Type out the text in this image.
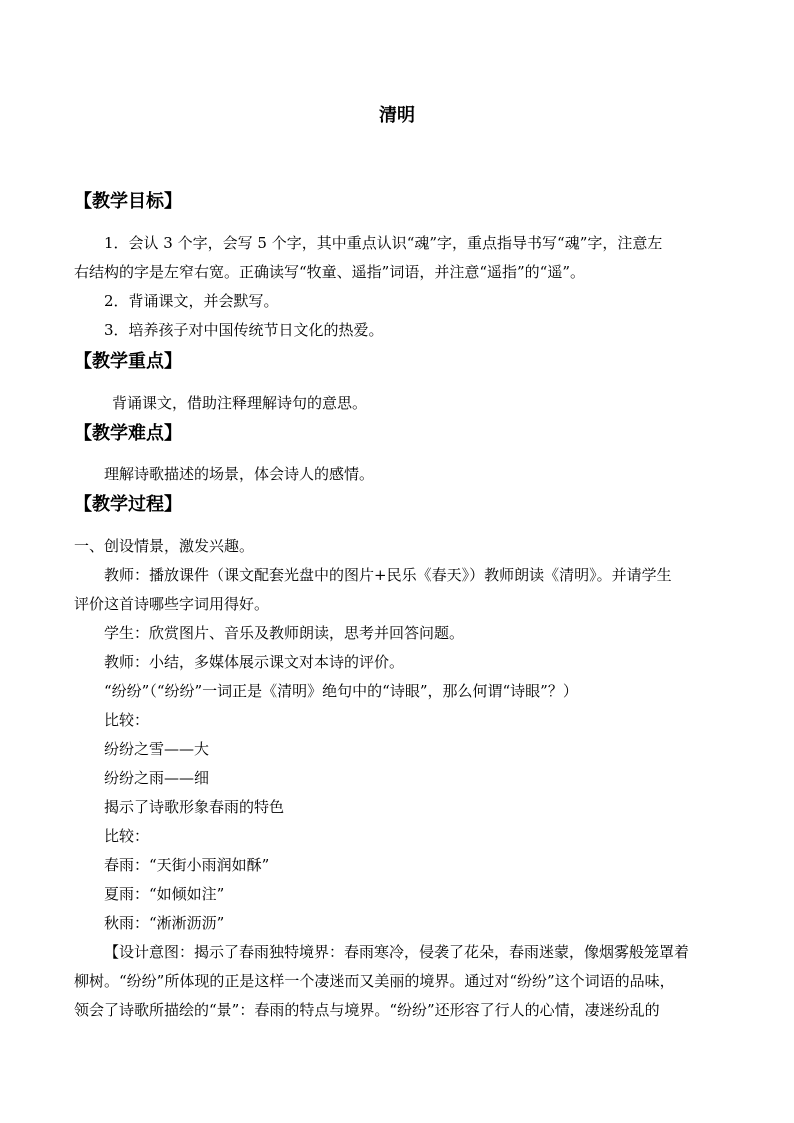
清明
【教学目标】
1．会认 3 个字，会写 5 个字，其中重点认识“魂”字，重点指导书写“魂”字，注意左
右结构的字是左窄右宽。正确读写“牧童、遥指”词语，并注意“遥指”的“遥”。
2．背诵课文，并会默写。
3．培养孩子对中国传统节日文化的热爱。
【教学重点】
背诵课文，借助注释理解诗句的意思。
【教学难点】
理解诗歌描述的场景，体会诗人的感情。
【教学过程】
一、创设情景，激发兴趣。
教师：播放课件（课文配套光盘中的图片+民乐《春天》）教师朗读《清明》。并请学生
评价这首诗哪些字词用得好。
学生：欣赏图片、音乐及教师朗读，思考并回答问题。
教师：小结，多媒体展示课文对本诗的评价。
“纷纷”（“纷纷”一词正是《清明》绝句中的“诗眼”，那么何谓“诗眼”？）
比较：
纷纷之雪——大
纷纷之雨——细
揭示了诗歌形象春雨的特色
比较：
春雨：“天街小雨润如酥”
夏雨：“如倾如注”
秋雨：“淅淅沥沥”
【设计意图：揭示了春雨独特境界：春雨寒冷，侵袭了花朵，春雨迷蒙，像烟雾般笼罩着
柳树。“纷纷”所体现的正是这样一个凄迷而又美丽的境界。通过对“纷纷”这个词语的品味，
领会了诗歌所描绘的“景”：春雨的特点与境界。“纷纷”还形容了行人的心情，凄迷纷乱的
